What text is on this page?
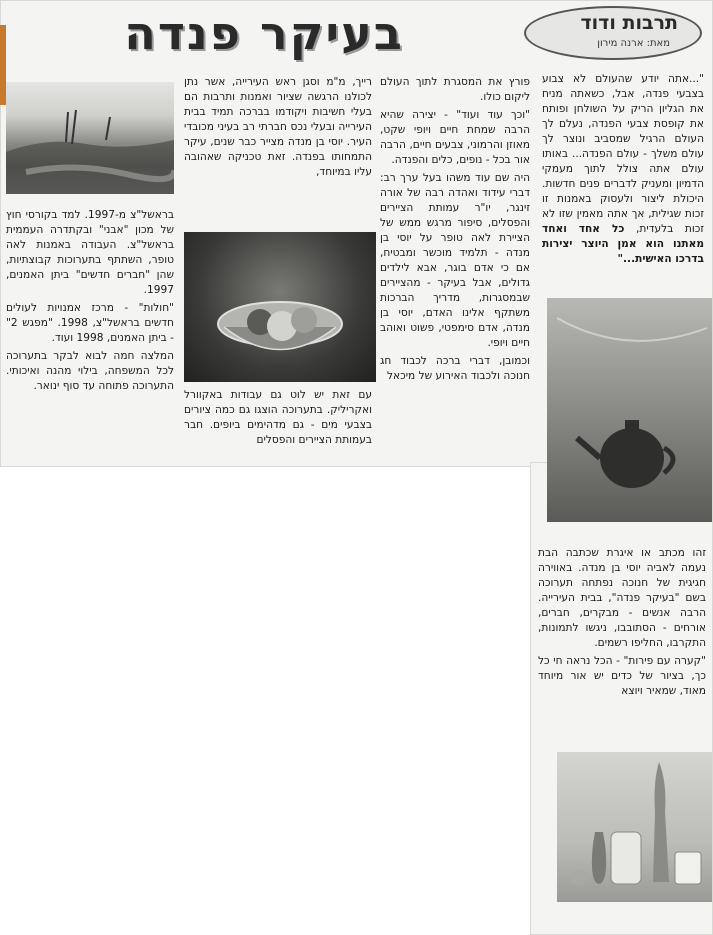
בעיקר פנדה	תרבות ודוד
מאת: ארנה מירון

"...אתה יודע שהעולם לא צבוע בצבעי פנדה, אבל, כשאתה מניח את הגליון הריק על השולחן ופותח את קופסת צבעי הפנדה, נעלם לך העולם הרגיל שמסביב ונוצר לך עולם משלך - עולם הפנדה... באותו עולם אתה צולל לתוך מעמקי הדמיון ומעניק לדברים פנים חדשות. היכולת ליצור ולעסוק באמנות זו זכות שגילית, אך אתה מאמין שזו לא זכות בלעדית, כל אחד ואחד מאתנו הוא אמן היוצר יצירות בדרכו האישית..."

זהו מכתב או איגרת שכתבה הבת נעמה לאביה יוסי בן מנדה. באווירה חגיגית של חנוכה נפתחה תערוכה בשם "בעיקר פנדה", בבית העירייה. הרבה אנשים - מבקרים, חברים, אורחים - הסתובבו, ניגשו לתמונות, התקרבו, החליפו רשמים.

"קערה עם פירות" - הכל נראה חי כל כך, בציור של כדים יש אור מיוחד מאוד, שמאיר ויוצא

פורץ את המסגרת לתוך העולם ליקום כולו.

"וכך עוד ועוד" - יצירה שהיא הרבה שמחת חיים ויופי שקט, מאוזן והרמוני, צבעים חיים, הרבה אור בכל - נופים, כלים והפנדה.

היה שם עוד משהו בעל ערך רב: דברי עידוד ואהדה רבה של אורה זינגר, יו"ר עמותת הציירים והפסלים, סיפור מרגש ממש של הציירת לאה טופר על יוסי בן מנדה - תלמיד מוכשר ומבטיח, אם כי אדם בוגר, אבא לילדים גדולים, אבל בעיקר - מהציירים שבמסגרות, מדריך הברכות משתקף אלינו האדם, יוסי בן מנדה, אדם סימפטי, פשוט ואוהב חיים ויופי.

וכמובן, דברי ברכה לכבוד חג חנוכה ולכבוד האירוע של מיכאל

רייך, מ"מ וסגן ראש העירייה, אשר נתן לכולנו הרגשה שציור ואמנות ותרבות הם בעלי חשיבות ויקודמו בברכה תמיד בבית העירייה ובעלי נכס חברתי רב בעיני מכובדי העיר. יוסי בן מנדה מצייר כבר שנים, עיקר התמחותו בפנדה. זאת טכניקה שאהובה עליו במיוחד,

עם זאת יש לוט גם עבודות באקוורל ואקריליק. בתערוכה הוצגו גם כמה ציורים בצבעי מים - גם מדהימים ביופים. חבר בעמותת הציירים והפסלים

בראשל"צ מ-1997. למד בקורסי חוץ של מכון "אבני" ובקתדרה העממית בראשל"צ. העבודה באמנות לאה טופר, השתתף בתערוכות קבוצתיות, שהן "חברים חדשים" ביתן האמנים, 1997.

"חולות" - מרכז אמנויות לעולים חדשים בראשל"צ, 1998. "מפגש 2" - ביתן האמנים, 1998 ועוד.

המלצה חמה לבוא לבקר בתערוכה לכל המשפחה, בילוי מהנה ואיכותי. התערוכה פתוחה עד סוף ינואר.
